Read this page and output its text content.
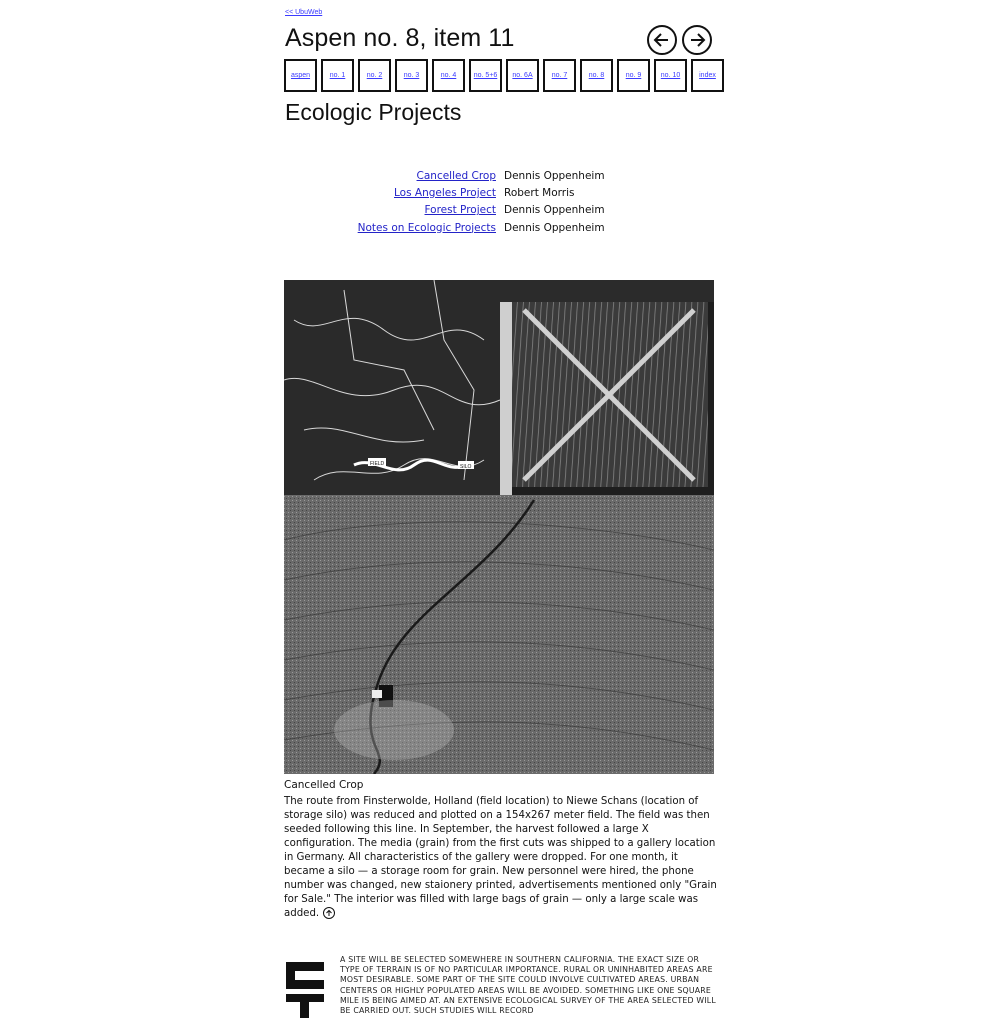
<< UbuWeb
Aspen no. 8, item 11
aspen	no. 1	no. 2	no. 3	no. 4	no. 5+6	no. 6A	no. 7	no. 8	no. 9	no. 10	index
Ecologic Projects
Cancelled Crop Dennis Oppenheim
Los Angeles Project Robert Morris
Forest Project Dennis Oppenheim
Notes on Ecologic Projects Dennis Oppenheim
FIELD	SILO
Cancelled Crop
The route from Finsterwolde, Holland (field location) to Niewe Schans (location of storage silo) was reduced and plotted on a 154x267 meter field. The field was then seeded following this line. In September, the harvest followed a large X configuration. The media (grain) from the first cuts was shipped to a gallery location in Germany. All characteristics of the gallery were dropped. For one month, it became a silo — a storage room for grain. New personnel were hired, the phone number was changed, new staionery printed, advertisements mentioned only "Grain for Sale." The interior was filled with large bags of grain — only a large scale was added.
A SITE WILL BE SELECTED SOMEWHERE IN SOUTHERN CALIFORNIA. THE EXACT SIZE OR TYPE OF TERRAIN IS OF NO PARTICULAR IMPORTANCE. RURAL OR UNINHABITED AREAS ARE MOST DESIRABLE. SOME PART OF THE SITE COULD INVOLVE CULTIVATED AREAS. URBAN CENTERS OR HIGHLY POPULATED AREAS WILL BE AVOIDED. SOMETHING LIKE ONE SQUARE MILE IS BEING AIMED AT. AN EXTENSIVE ECOLOGICAL SURVEY OF THE AREA SELECTED WILL BE CARRIED OUT. SUCH STUDIES WILL RECORD
